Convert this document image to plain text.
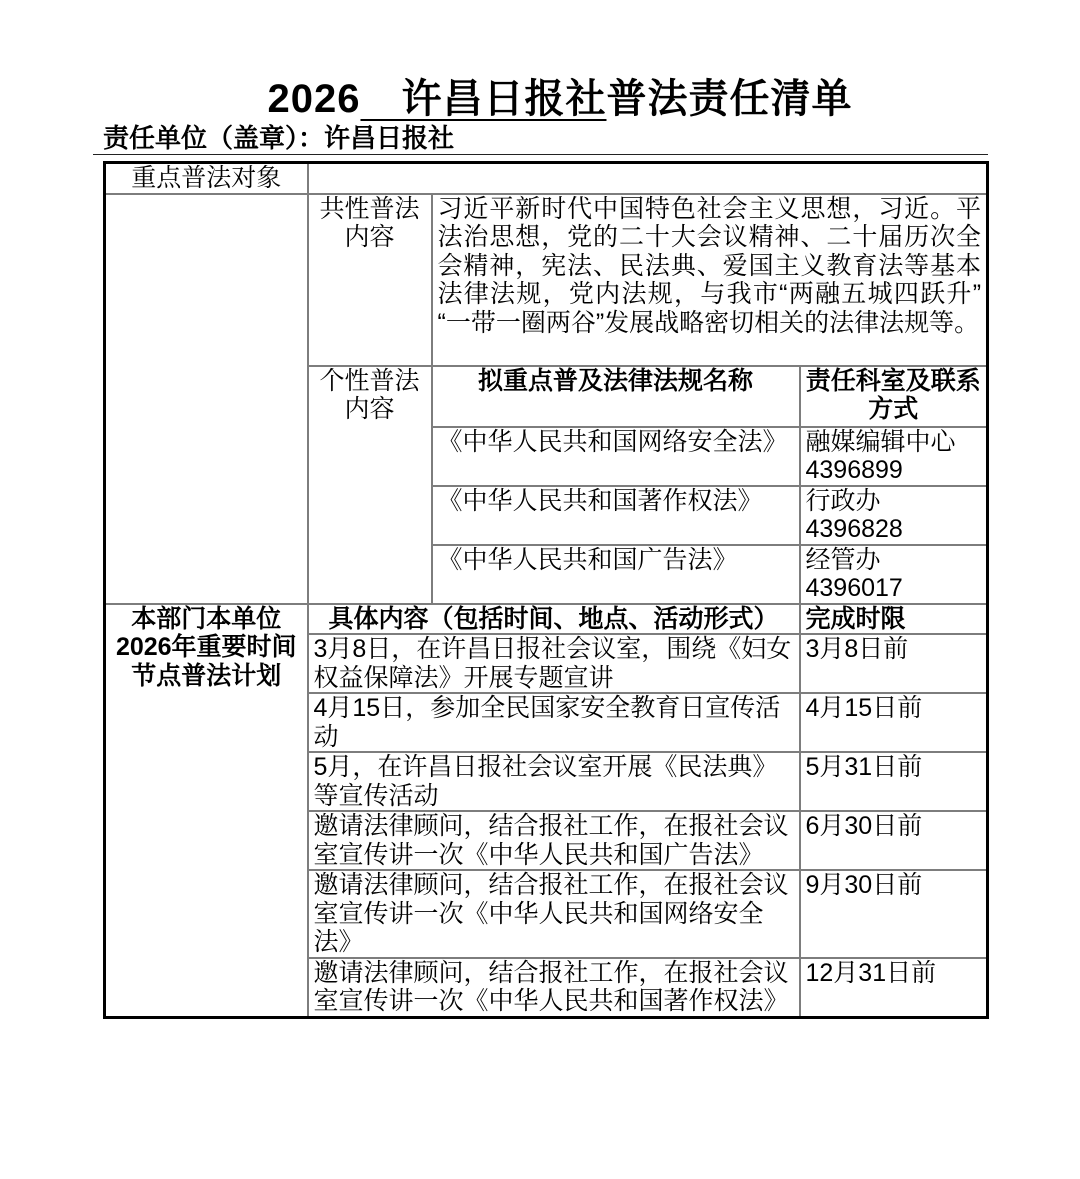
2026　许昌日报社普法责任清单
责任单位（盖章）：许昌日报社
重点普法对象			

	共性普法内容	习近平新时代中国特色社会主义思想，习近。平法治思想，党的二十大会议精神、二十届历次全会精神，宪法、民法典、爱国主义教育法等基本法律法规，党内法规，与我市“两融五城四跃升”“一带一圈两谷”发展战略密切相关的法律法规等。	
	个性普法内容	拟重点普及法律法规名称	责任科室及联系方式
		《中华人民共和国网络安全法》	融媒编辑中心
4396899

		《中华人民共和国著作权法》	行政办
4396828

		《中华人民共和国广告法》	经管办
4396017

本部门本单位2026年重要时间节点普法计划	具体内容（包括时间、地点、活动形式）		完成时限
	3月8日，在许昌日报社会议室，围绕《妇女权益保障法》开展专题宣讲		3月8日前
	4月15日，参加全民国家安全教育日宣传活动		4月15日前
	5月，在许昌日报社会议室开展《民法典》等宣传活动		5月31日前
	邀请法律顾问，结合报社工作，在报社会议室宣传讲一次《中华人民共和国广告法》		6月30日前
	邀请法律顾问，结合报社工作，在报社会议室宣传讲一次《中华人民共和国网络安全法》		9月30日前
	邀请法律顾问，结合报社工作，在报社会议室宣传讲一次《中华人民共和国著作权法》		12月31日前
